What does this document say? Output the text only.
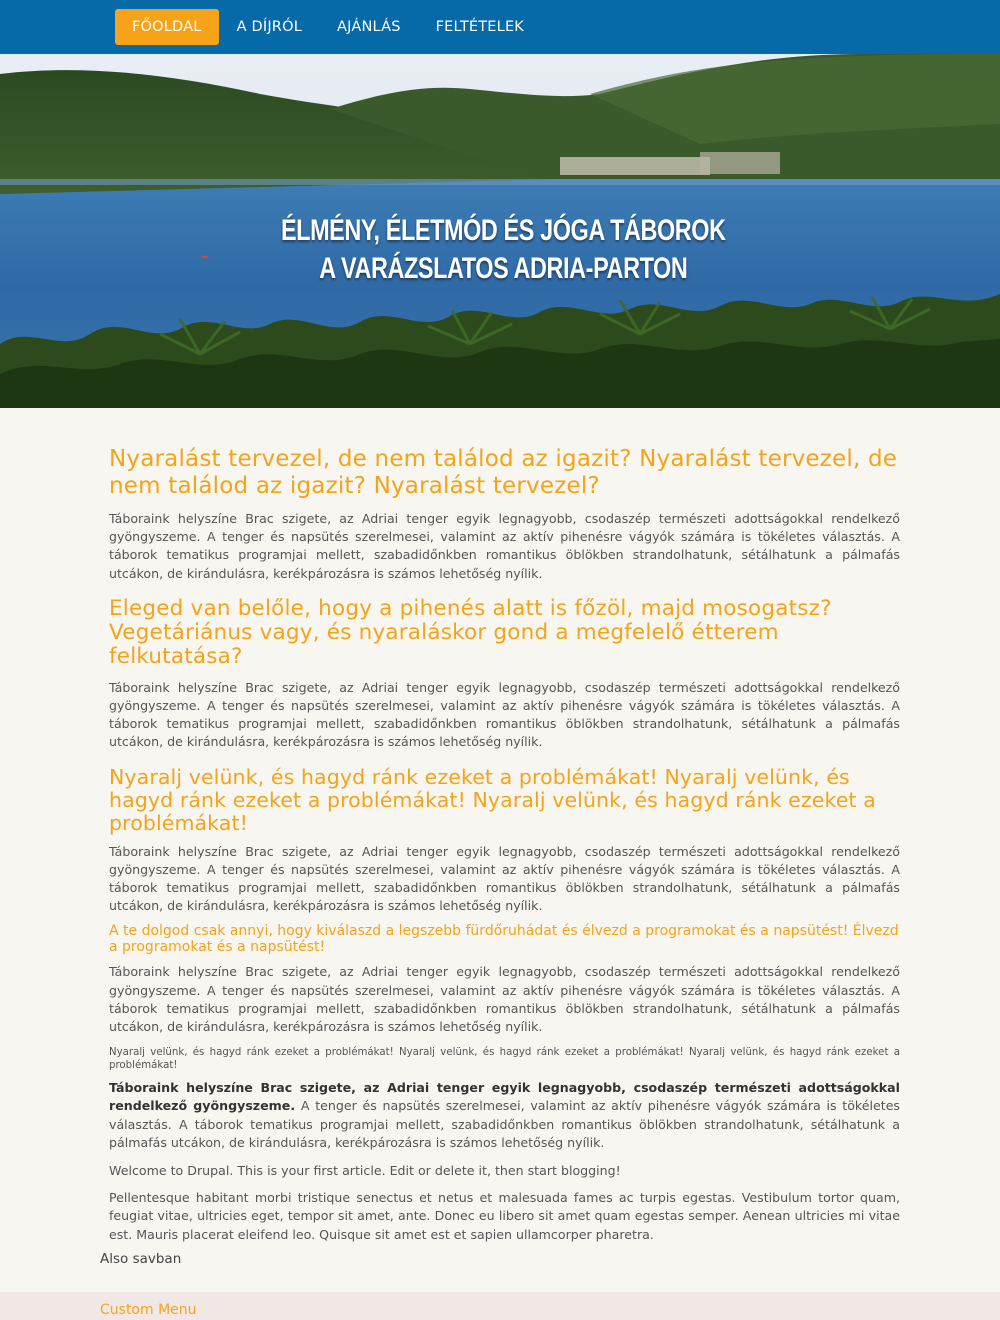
FŐOLDAL	A DÍJRÓL	AJÁNLÁS	FELTÉTELEK
ÉLMÉNY, ÉLETMÓD ÉS JÓGA TÁBOROK
A VARÁZSLATOS ADRIA-PARTON
Nyaralást tervezel, de nem találod az igazit? Nyaralást tervezel, de nem találod az igazit? Nyaralást tervezel?

Táboraink helyszíne Brac szigete, az Adriai tenger egyik legnagyobb, csodaszép természeti adottságokkal rendelkező gyöngyszeme. A tenger és napsütés szerelmesei, valamint az aktív pihenésre vágyók számára is tökéletes választás. A táborok tematikus programjai mellett, szabadidőnkben romantikus öblökben strandolhatunk, sétálhatunk a pálmafás utcákon, de kirándulásra, kerékpározásra is számos lehetőség nyílik.

Eleged van belőle, hogy a pihenés alatt is főzöl, majd mosogatsz? Vegetáriánus vagy, és nyaraláskor gond a megfelelő étterem felkutatása?

Táboraink helyszíne Brac szigete, az Adriai tenger egyik legnagyobb, csodaszép természeti adottságokkal rendelkező gyöngyszeme. A tenger és napsütés szerelmesei, valamint az aktív pihenésre vágyók számára is tökéletes választás. A táborok tematikus programjai mellett, szabadidőnkben romantikus öblökben strandolhatunk, sétálhatunk a pálmafás utcákon, de kirándulásra, kerékpározásra is számos lehetőség nyílik.

Nyaralj velünk, és hagyd ránk ezeket a problémákat! Nyaralj velünk, és hagyd ránk ezeket a problémákat! Nyaralj velünk, és hagyd ránk ezeket a problémákat!

Táboraink helyszíne Brac szigete, az Adriai tenger egyik legnagyobb, csodaszép természeti adottságokkal rendelkező gyöngyszeme. A tenger és napsütés szerelmesei, valamint az aktív pihenésre vágyók számára is tökéletes választás. A táborok tematikus programjai mellett, szabadidőnkben romantikus öblökben strandolhatunk, sétálhatunk a pálmafás utcákon, de kirándulásra, kerékpározásra is számos lehetőség nyílik.

A te dolgod csak annyi, hogy kiválaszd a legszebb fürdőruhádat és élvezd a programokat és a napsütést! Élvezd a programokat és a napsütést!

Táboraink helyszíne Brac szigete, az Adriai tenger egyik legnagyobb, csodaszép természeti adottságokkal rendelkező gyöngyszeme. A tenger és napsütés szerelmesei, valamint az aktív pihenésre vágyók számára is tökéletes választás. A táborok tematikus programjai mellett, szabadidőnkben romantikus öblökben strandolhatunk, sétálhatunk a pálmafás utcákon, de kirándulásra, kerékpározásra is számos lehetőség nyílik.

Nyaralj velünk, és hagyd ránk ezeket a problémákat! Nyaralj velünk, és hagyd ránk ezeket a problémákat! Nyaralj velünk, és hagyd ránk ezeket a problémákat!

Táboraink helyszíne Brac szigete, az Adriai tenger egyik legnagyobb, csodaszép természeti adottságokkal rendelkező gyöngyszeme. A tenger és napsütés szerelmesei, valamint az aktív pihenésre vágyók számára is tökéletes választás. A táborok tematikus programjai mellett, szabadidőnkben romantikus öblökben strandolhatunk, sétálhatunk a pálmafás utcákon, de kirándulásra, kerékpározásra is számos lehetőség nyílik.

Welcome to Drupal. This is your first article. Edit or delete it, then start blogging!

Pellentesque habitant morbi tristique senectus et netus et malesuada fames ac turpis egestas. Vestibulum tortor quam, feugiat vitae, ultricies eget, tempor sit amet, ante. Donec eu libero sit amet quam egestas semper. Aenean ultricies mi vitae est. Mauris placerat eleifend leo. Quisque sit amet est et sapien ullamcorper pharetra.

Also savban
Custom Menu
